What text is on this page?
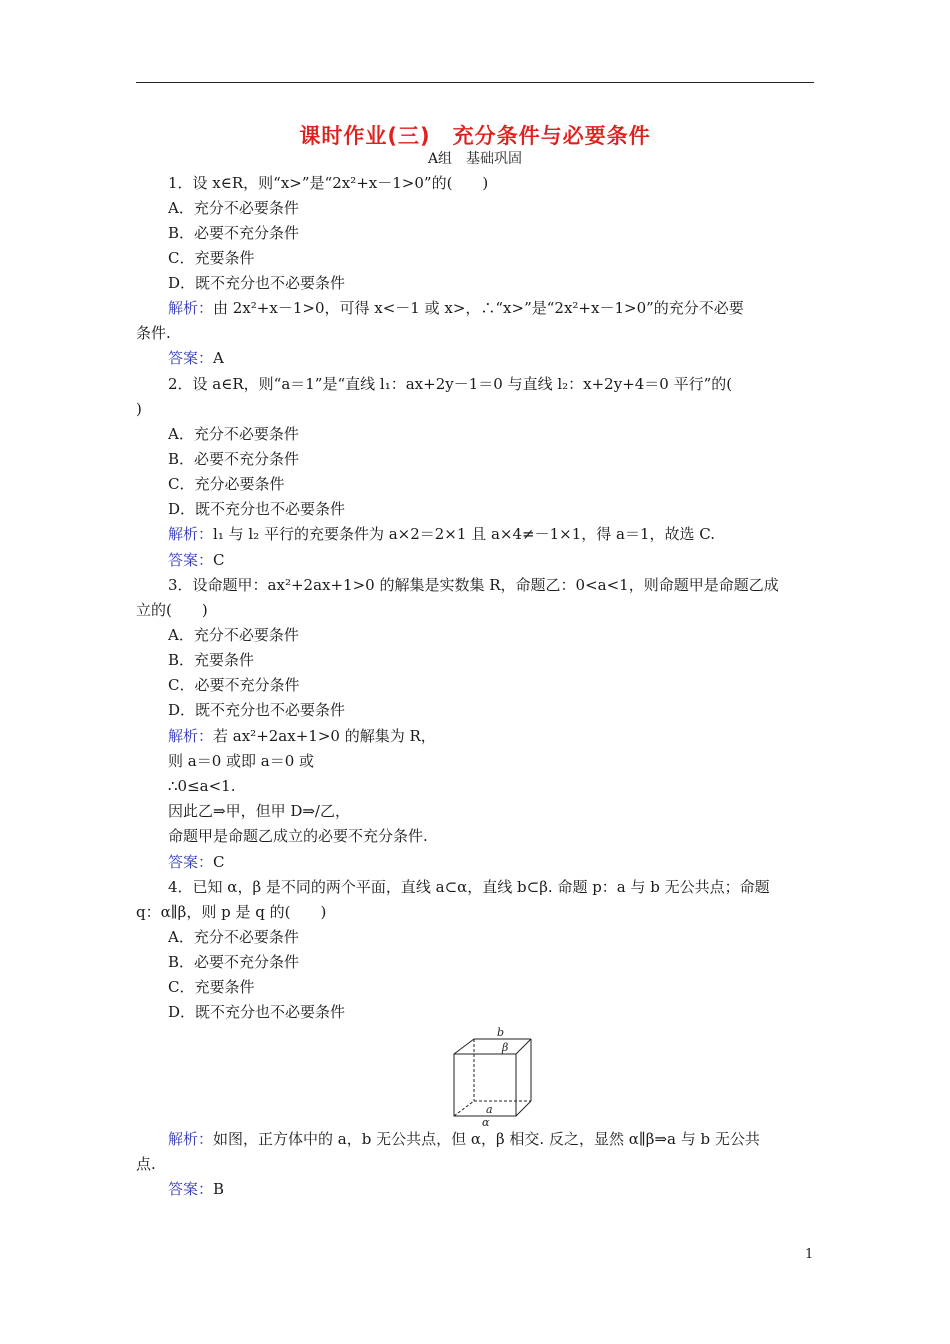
课时作业(三)　充分条件与必要条件
A组　基础巩固
1．设 x∈R，则“x>”是“2x²+x－1>0”的(　　)
A．充分不必要条件
B．必要不充分条件
C．充要条件
D．既不充分也不必要条件
解析：由 2x²+x－1>0，可得 x<－1 或 x>，∴“x>”是“2x²+x－1>0”的充分不必要
条件.
答案：A
2．设 a∈R，则“a＝1”是“直线 l₁：ax+2y－1＝0 与直线 l₂：x+2y+4＝0 平行”的(
)
A．充分不必要条件
B．必要不充分条件
C．充分必要条件
D．既不充分也不必要条件
解析：l₁ 与 l₂ 平行的充要条件为 a×2＝2×1 且 a×4≠－1×1，得 a＝1，故选 C.
答案：C
3．设命题甲：ax²+2ax+1>0 的解集是实数集 R，命题乙：0<a<1，则命题甲是命题乙成
立的(　　)
A．充分不必要条件
B．充要条件
C．必要不充分条件
D．既不充分也不必要条件
解析：若 ax²+2ax+1>0 的解集为 R，
则 a＝0 或即 a＝0 或
∴0≤a<1.
因此乙⇒甲，但甲 D⇒/乙，
命题甲是命题乙成立的必要不充分条件.
答案：C
4．已知 α，β 是不同的两个平面，直线 a⊂α，直线 b⊂β. 命题 p：a 与 b 无公共点；命题
q：α∥β，则 p 是 q 的(　　)
A．充分不必要条件
B．必要不充分条件
C．充要条件
D．既不充分也不必要条件
b
β
a
α
解析：如图，正方体中的 a，b 无公共点，但 α，β 相交. 反之，显然 α∥β⇒a 与 b 无公共
点.
答案：B
1
